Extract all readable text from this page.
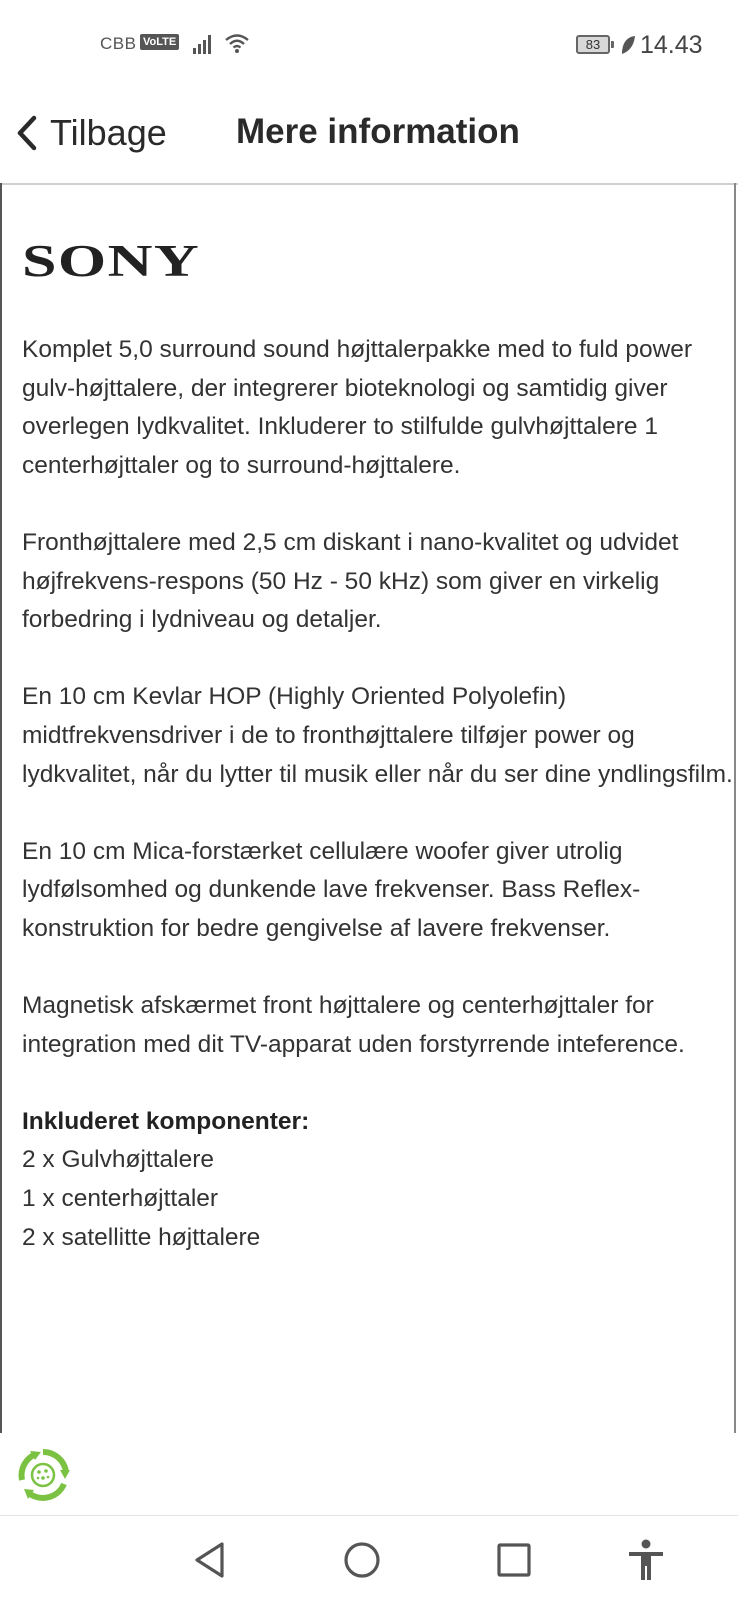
CBB VoLTE	83	14.43
Tilbage Mere information
SONY

Komplet 5,0 surround sound højttalerpakke med to fuld power gulv-højttalere, der integrerer bioteknologi og samtidig giver overlegen lydkvalitet. Inkluderer to stilfulde gulvhøjttalere 1 centerhøjttaler og to surround-højttalere.

Fronthøjttalere med 2,5 cm diskant i nano-kvalitet og udvidet højfrekvens-respons (50 Hz - 50 kHz) som giver en virkelig forbedring i lydniveau og detaljer.

En 10 cm Kevlar HOP (Highly Oriented Polyolefin) midtfrekvensdriver i de to fronthøjttalere tilføjer power og lydkvalitet, når du lytter til musik eller når du ser dine yndlingsfilm.

En 10 cm Mica-forstærket cellulære woofer giver utrolig lydfølsomhed og dunkende lave frekvenser. Bass Reflex-konstruktion for bedre gengivelse af lavere frekvenser.

Magnetisk afskærmet front højttalere og centerhøjttaler for integration med dit TV-apparat uden forstyrrende inteference.

Inkluderet komponenter:
2 x Gulvhøjttalere
1 x centerhøjttaler
2 x satellitte højttalere
